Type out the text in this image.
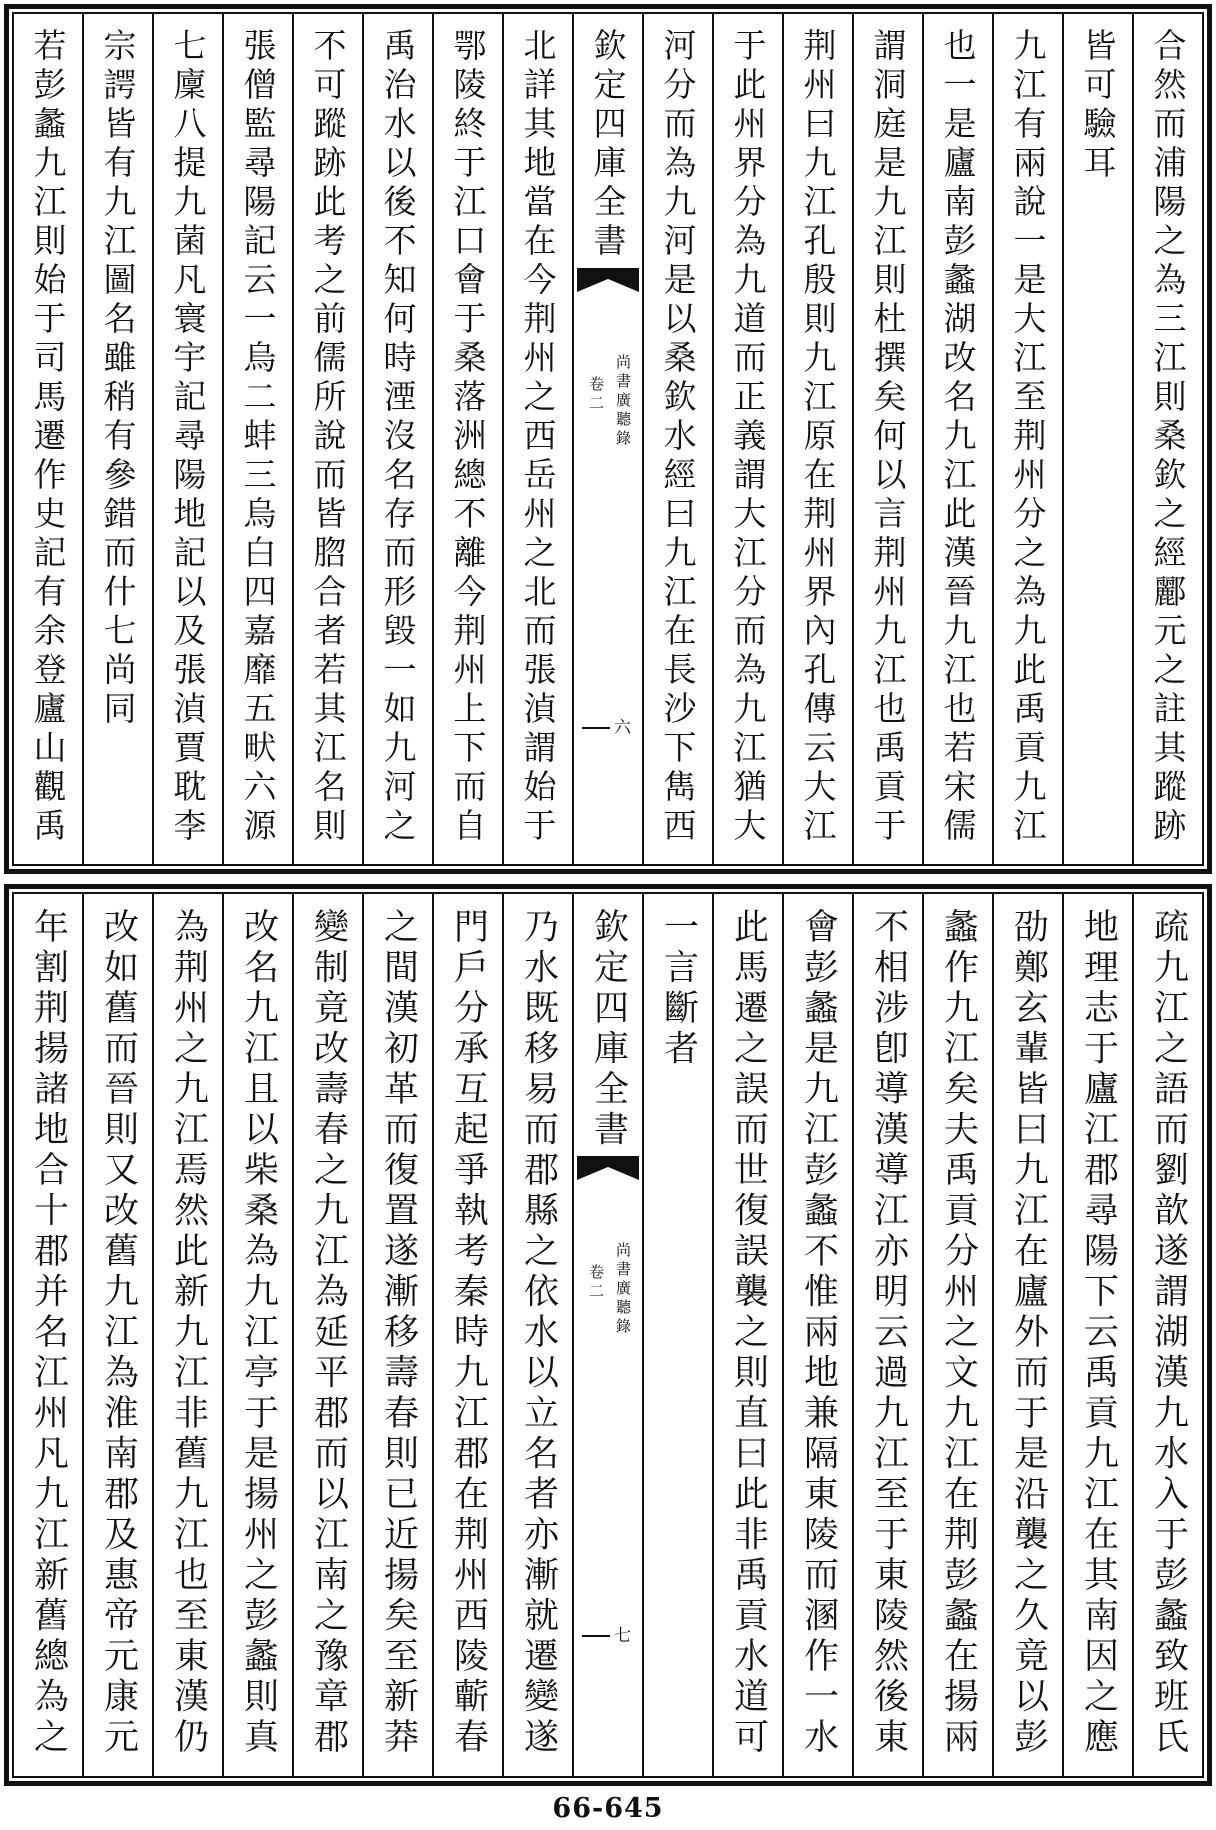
合然而浦陽之為三江則桑欽之經酈元之註其蹤跡
皆可驗耳
九江有兩說一是大江至荆州分之為九此禹貢九江
也一是廬南彭蠡湖改名九江此漢晉九江也若宋儒
謂洞庭是九江則杜撰矣何以言荆州九江也禹貢于
荆州曰九江孔殷則九江原在荆州界內孔傳云大江
于此州界分為九道而正義謂大江分而為九江猶大
河分而為九河是以桑欽水經曰九江在長沙下雋西
欽定四庫全書
尚書廣聽錄
卷二
六
北詳其地當在今荆州之西岳州之北而張湞謂始于
鄂陵終于江口會于桑落洲總不離今荆州上下而自
禹治水以後不知何時湮沒名存而形毀一如九河之
不可蹤跡此考之前儒所說而皆脗合者若其江名則
張僧監尋陽記云一烏二蚌三烏白四嘉靡五畎六源
七廩八提九菌凡寰宇記尋陽地記以及張湞賈耽李
宗諤皆有九江圖名雖稍有參錯而什七尚同
若彭蠡九江則始于司馬遷作史記有余登廬山觀禹
疏九江之語而劉歆遂謂湖漢九水入于彭蠡致班氏
地理志于廬江郡尋陽下云禹貢九江在其南因之應
劭鄭玄輩皆曰九江在廬外而于是沿襲之久竟以彭
蠡作九江矣夫禹貢分州之文九江在荆彭蠡在揚兩
不相涉卽導漢導江亦明云過九江至于東陵然後東
會彭蠡是九江彭蠡不惟兩地兼隔東陵而溷作一水
此馬遷之誤而世復誤襲之則直曰此非禹貢水道可
一言斷者
欽定四庫全書
尚書廣聽錄
卷二
七
乃水既移易而郡縣之依水以立名者亦漸就遷變遂
門戶分承互起爭執考秦時九江郡在荆州西陵蘄春
之間漢初革而復置遂漸移壽春則已近揚矣至新莽
變制竟改壽春之九江為延平郡而以江南之豫章郡
改名九江且以柴桑為九江亭于是揚州之彭蠡則真
為荆州之九江焉然此新九江非舊九江也至東漢仍
改如舊而晉則又改舊九江為淮南郡及惠帝元康元
年割荆揚諸地合十郡并名江州凡九江新舊總為之
66-645
